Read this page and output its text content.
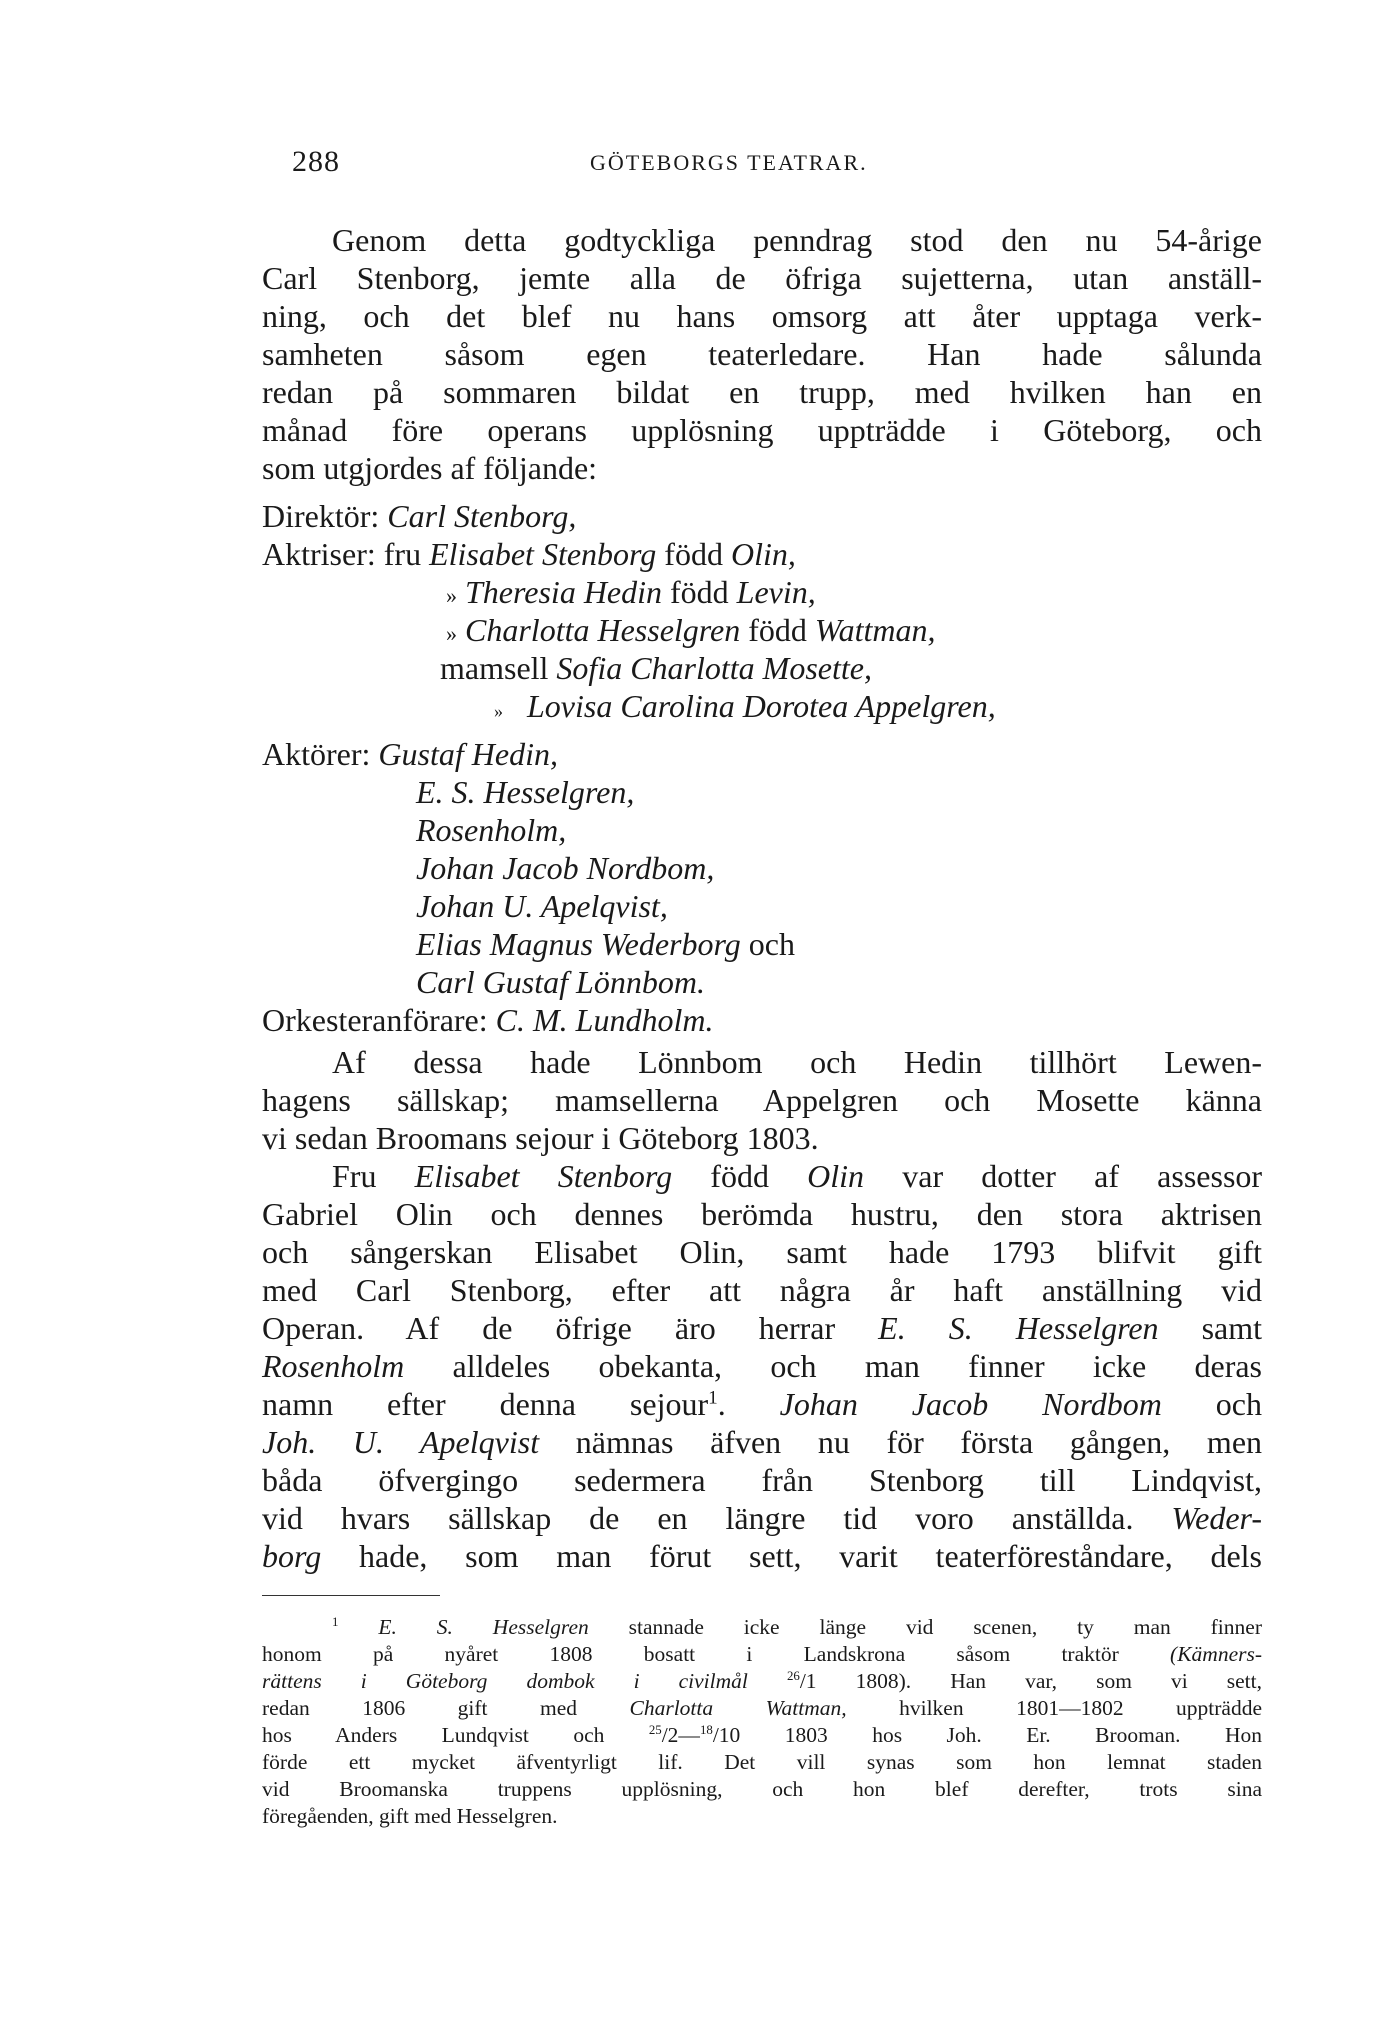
288	GÖTEBORGS TEATRAR.
Genom detta godtyckliga penndrag stod den nu 54-årige
Carl Stenborg, jemte alla de öfriga sujetterna, utan anställ-
ning, och det blef nu hans omsorg att åter upptaga verk-
samheten såsom egen teaterledare. Han hade sålunda
redan på sommaren bildat en trupp, med hvilken han en
månad före operans upplösning uppträdde i Göteborg, och
som utgjordes af följande:
Direktör: Carl Stenborg,
Aktriser: fru Elisabet Stenborg född Olin,
» Theresia Hedin född Levin,
» Charlotta Hesselgren född Wattman,
mamsell Sofia Charlotta Mosette,
» Lovisa Carolina Dorotea Appelgren,
Aktörer: Gustaf Hedin,
E. S. Hesselgren,
Rosenholm,
Johan Jacob Nordbom,
Johan U. Apelqvist,
Elias Magnus Wederborg och
Carl Gustaf Lönnbom.
Orkesteranförare: C. M. Lundholm.
Af dessa hade Lönnbom och Hedin tillhört Lewen-
hagens sällskap; mamsellerna Appelgren och Mosette känna
vi sedan Broomans sejour i Göteborg 1803.
Fru Elisabet Stenborg född Olin var dotter af assessor
Gabriel Olin och dennes berömda hustru, den stora aktrisen
och sångerskan Elisabet Olin, samt hade 1793 blifvit gift
med Carl Stenborg, efter att några år haft anställning vid
Operan. Af de öfrige äro herrar E. S. Hesselgren samt
Rosenholm alldeles obekanta, och man finner icke deras
namn efter denna sejour$^1$. Johan Jacob Nordbom och
Joh. U. Apelqvist nämnas äfven nu för första gången, men
båda öfvergingo sedermera från Stenborg till Lindqvist,
vid hvars sällskap de en längre tid voro anställda. Weder-
borg hade, som man förut sett, varit teaterföreståndare, dels
$^1$ E. S. Hesselgren stannade icke länge vid scenen, ty man finner
honom på nyåret 1808 bosatt i Landskrona såsom traktör (Kämners-
rättens i Göteborg dombok i civilmål	$^{26}$/1 1808). Han var, som vi sett,
redan 1806 gift med Charlotta Wattman, hvilken 1801—1802 uppträdde
hos Anders Lundqvist och	$^{25}$/2—$^{18}$/10 1803 hos Joh. Er. Brooman. Hon
förde ett mycket äfventyrligt lif. Det vill synas som hon lemnat staden
vid Broomanska truppens upplösning, och hon blef derefter, trots sina
föregåenden, gift med Hesselgren.
